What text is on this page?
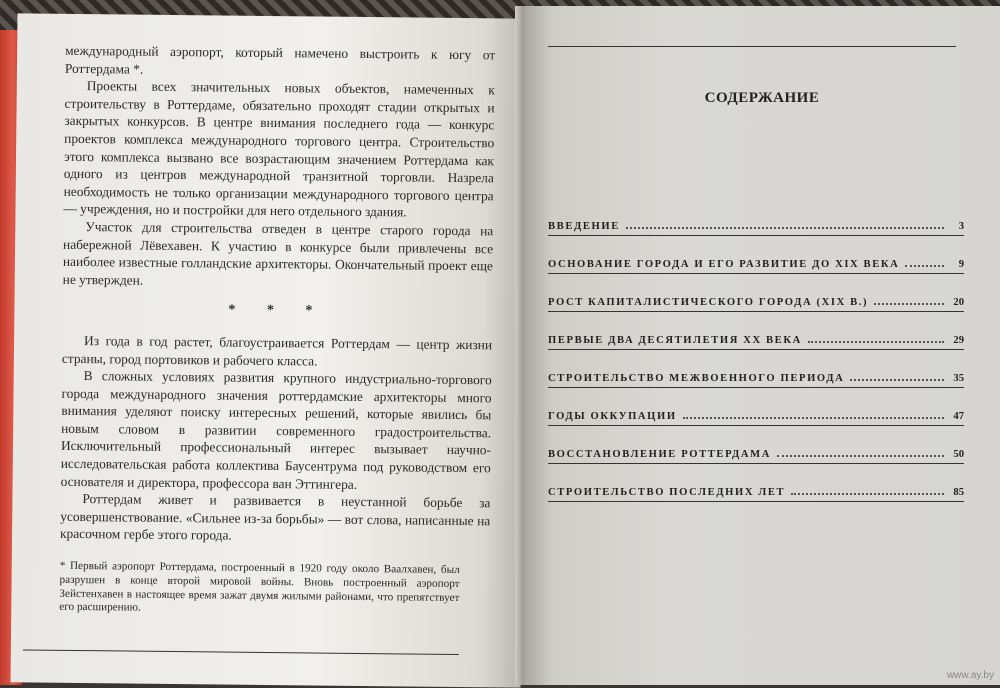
международный аэропорт, который намечено выстроить к югу от Роттердама *.

Проекты всех значительных новых объектов, намеченных к строительству в Роттердаме, обязательно проходят стадии открытых и закрытых конкурсов. В центре внимания последнего года — конкурс проектов комплекса международного торгового центра. Строительство этого комплекса вызвано все возрастающим значением Роттердама как одного из центров международной транзитной торговли. Назрела необходимость не только организации международного торгового центра — учреждения, но и постройки для него отдельного здания.

Участок для строительства отведен в центре старого города на набережной Лёвехавен. К участию в конкурсе были привлечены все наиболее известные голландские архитекторы. Окончательный проект еще не утвержден.

* * *

Из года в год растет, благоустраивается Роттердам — центр жизни страны, город портовиков и рабочего класса.

В сложных условиях развития крупного индустриально-торгового города международного значения роттердамские архитекторы много внимания уделяют поиску интересных решений, которые явились бы новым словом в развитии современного градостроительства. Исключительный профессиональный интерес вызывает научно-исследовательская работа коллектива Баусентрума под руководством его основателя и директора, профессора ван Эттингера.

Роттердам живет и развивается в неустанной борьбе за усовершенствование. «Сильнее из-за борьбы» — вот слова, написанные на красочном гербе этого города.

* Первый аэропорт Роттердама, построенный в 1920 году около Ваалхавен, был разрушен в конце второй мировой войны. Вновь построенный аэропорт Зейстенхавен в настоящее время зажат двумя жилыми районами, что препятствует его расширению.
СОДЕРЖАНИЕ
ВВЕДЕНИЕ	3
ОСНОВАНИЕ ГОРОДА И ЕГО РАЗВИТИЕ ДО XIX ВЕКА	9
РОСТ КАПИТАЛИСТИЧЕСКОГО ГОРОДА (XIX В.)	20
ПЕРВЫЕ ДВА ДЕСЯТИЛЕТИЯ XX ВЕКА	29
СТРОИТЕЛЬСТВО МЕЖВОЕННОГО ПЕРИОДА	35
ГОДЫ ОККУПАЦИИ	47
ВОССТАНОВЛЕНИЕ РОТТЕРДАМА	50
СТРОИТЕЛЬСТВО ПОСЛЕДНИХ ЛЕТ	85
www.ay.by
